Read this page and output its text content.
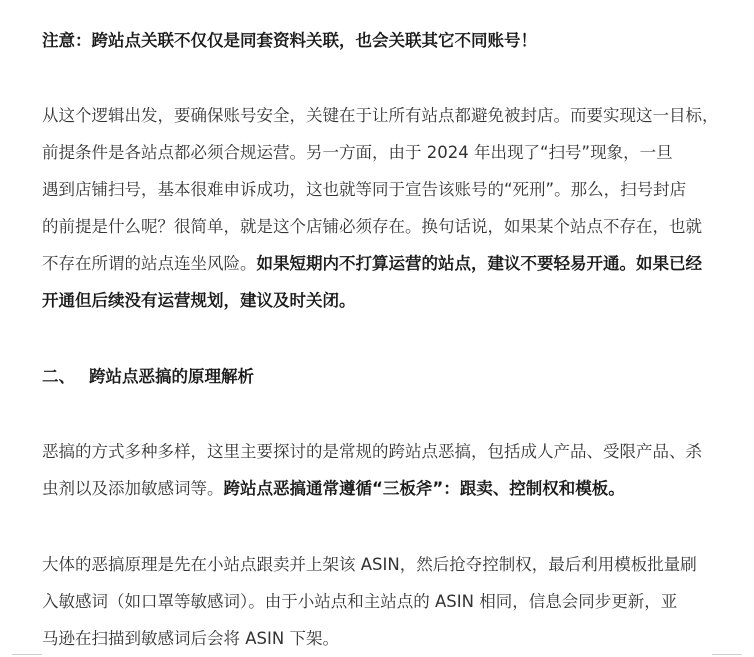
注意：跨站点关联不仅仅是同套资料关联，也会关联其它不同账号！

从这个逻辑出发，要确保账号安全，关键在于让所有站点都避免被封店。而要实现这一目标，
前提条件是各站点都必须合规运营。另一方面，由于 2024 年出现了“扫号”现象，一旦
遇到店铺扫号，基本很难申诉成功，这也就等同于宣告该账号的“死刑”。那么，扫号封店
的前提是什么呢？很简单，就是这个店铺必须存在。换句话说，如果某个站点不存在，也就
不存在所谓的站点连坐风险。如果短期内不打算运营的站点，建议不要轻易开通。如果已经
开通但后续没有运营规划，建议及时关闭。

二、 跨站点恶搞的原理解析

恶搞的方式多种多样，这里主要探讨的是常规的跨站点恶搞，包括成人产品、受限产品、杀
虫剂以及添加敏感词等。跨站点恶搞通常遵循“三板斧”：跟卖、控制权和模板。

大体的恶搞原理是先在小站点跟卖并上架该 ASIN，然后抢夺控制权，最后利用模板批量刷
入敏感词（如口罩等敏感词）。由于小站点和主站点的 ASIN 相同，信息会同步更新，亚
马逊在扫描到敏感词后会将 ASIN 下架。
